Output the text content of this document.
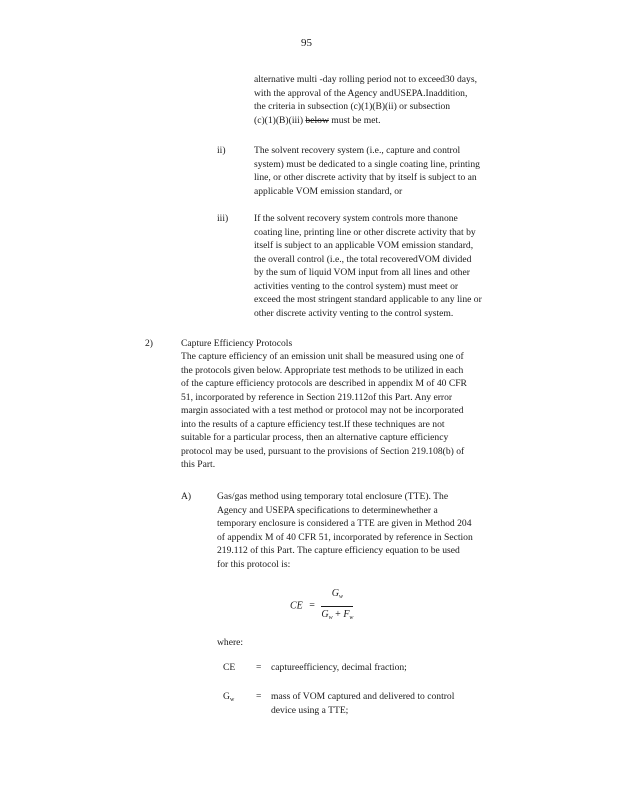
95
alternative multi -day rolling period not to exceed30 days,
with the approval of the Agency andUSEPA.Inaddition,
the criteria in subsection (c)(1)(B)(ii) or subsection
(c)(1)(B)(iii) below must be met.
ii)	The solvent recovery system (i.e., capture and control
system) must be dedicated to a single coating line, printing
line, or other discrete activity that by itself is subject to an
applicable VOM emission standard, or
iii)	If the solvent recovery system controls more thanone
coating line, printing line or other discrete activity that by
itself is subject to an applicable VOM emission standard,
the overall control (i.e., the total recoveredVOM divided
by the sum of liquid VOM input from all lines and other
activities venting to the control system) must meet or
exceed the most stringent standard applicable to any line or
other discrete activity venting to the control system.
2)	Capture Efficiency Protocols
The capture efficiency of an emission unit shall be measured using one of
the protocols given below. Appropriate test methods to be utilized in each
of the capture efficiency protocols are described in appendix M of 40 CFR
51, incorporated by reference in Section 219.112of this Part. Any error
margin associated with a test method or protocol may not be incorporated
into the results of a capture efficiency test.If these techniques are not
suitable for a particular process, then an alternative capture efficiency
protocol may be used, pursuant to the provisions of Section 219.108(b) of
this Part.
A)	Gas/gas method using temporary total enclosure (TTE). The
Agency and USEPA specifications to determinewhether a
temporary enclosure is considered a TTE are given in Method 204
of appendix M of 40 CFR 51, incorporated by reference in Section
219.112 of this Part. The capture efficiency equation to be used
for this protocol is:
CE = $\frac{G_w}{G_w + F_w}$
where:
CE = captureefficiency, decimal fraction;
$G_w$ = mass of VOM captured and delivered to control
device using a TTE;
